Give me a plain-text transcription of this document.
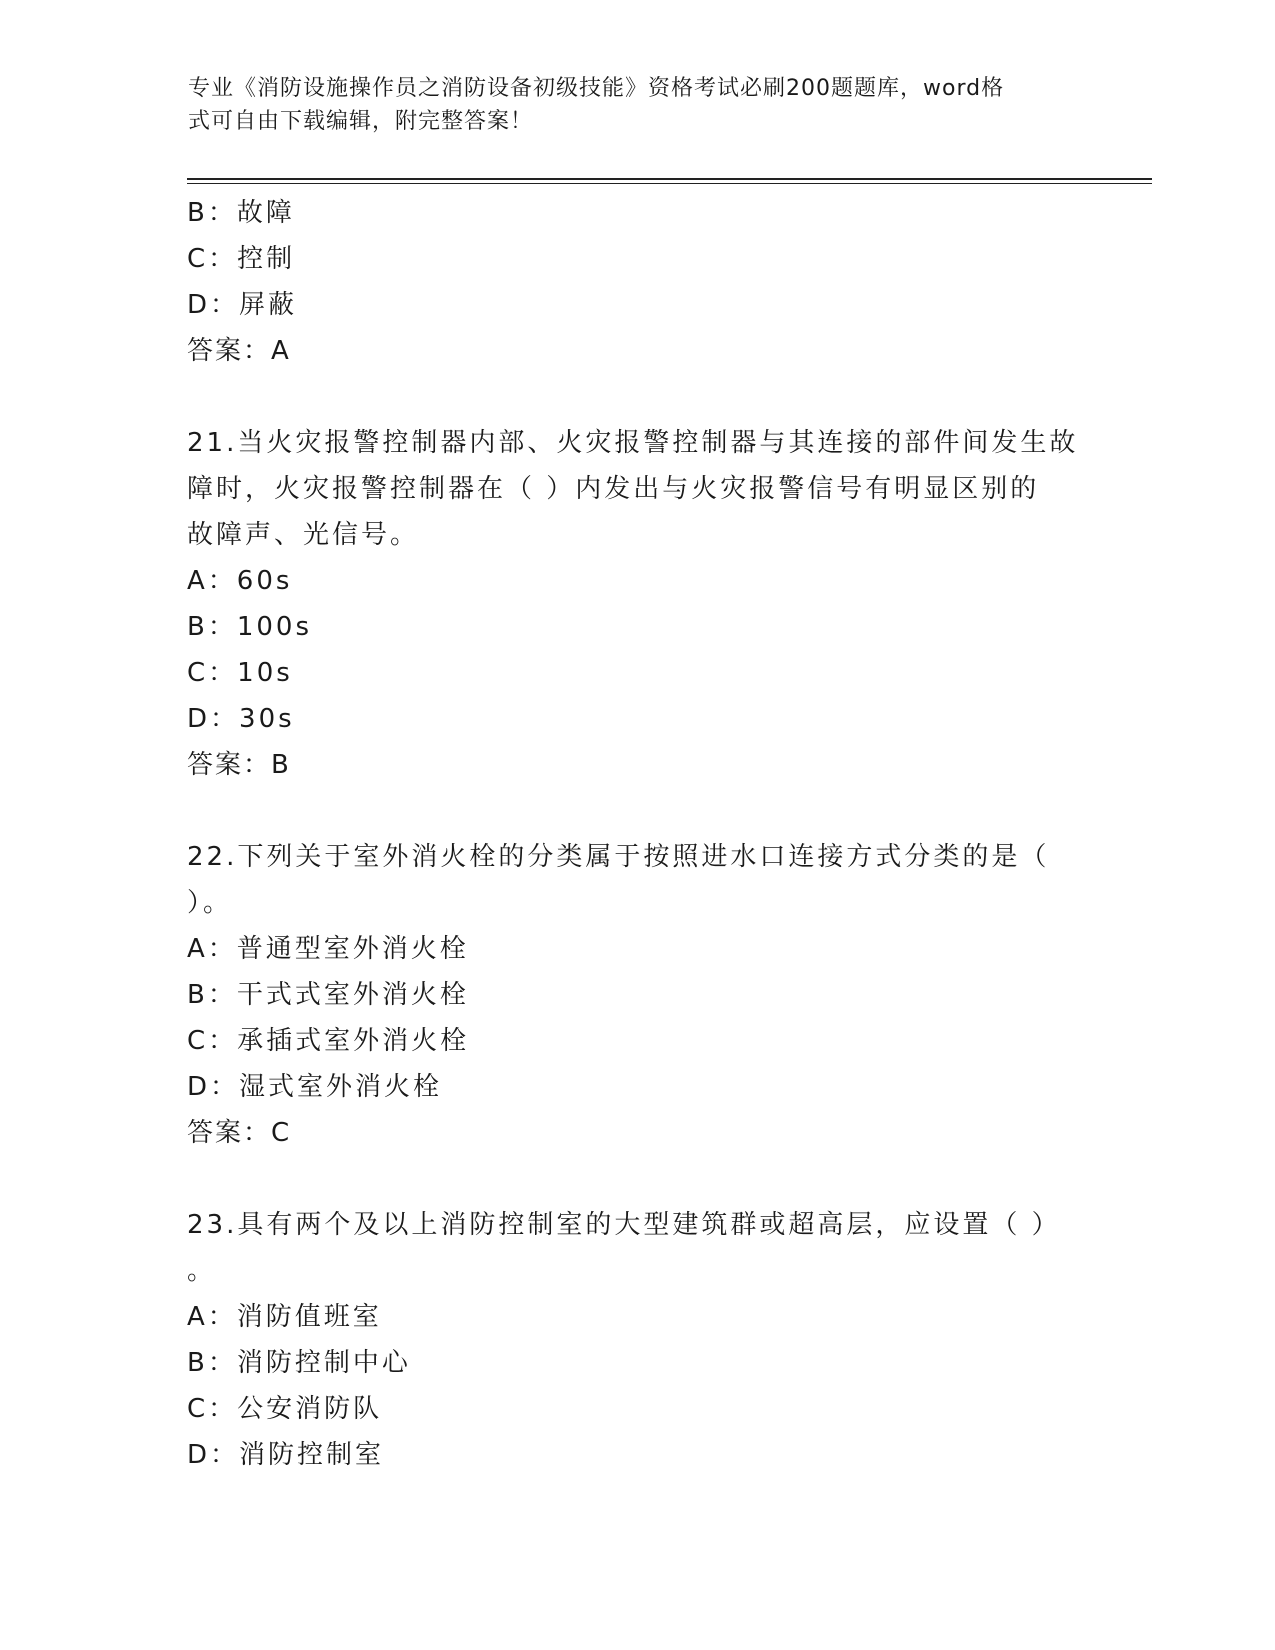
专业《消防设施操作员之消防设备初级技能》资格考试必刷200题题库，word格
式可自由下载编辑，附完整答案！
B：故障
C：控制
D：屏蔽
答案：A
21.当火灾报警控制器内部、火灾报警控制器与其连接的部件间发生故
障时，火灾报警控制器在（ ）内发出与火灾报警信号有明显区别的
故障声、光信号。
A：60s
B：100s
C：10s
D：30s
答案：B
22.下列关于室外消火栓的分类属于按照进水口连接方式分类的是（
）。
A：普通型室外消火栓
B：干式式室外消火栓
C：承插式室外消火栓
D：湿式室外消火栓
答案：C
23.具有两个及以上消防控制室的大型建筑群或超高层，应设置（ ）
。
A：消防值班室
B：消防控制中心
C：公安消防队
D：消防控制室
